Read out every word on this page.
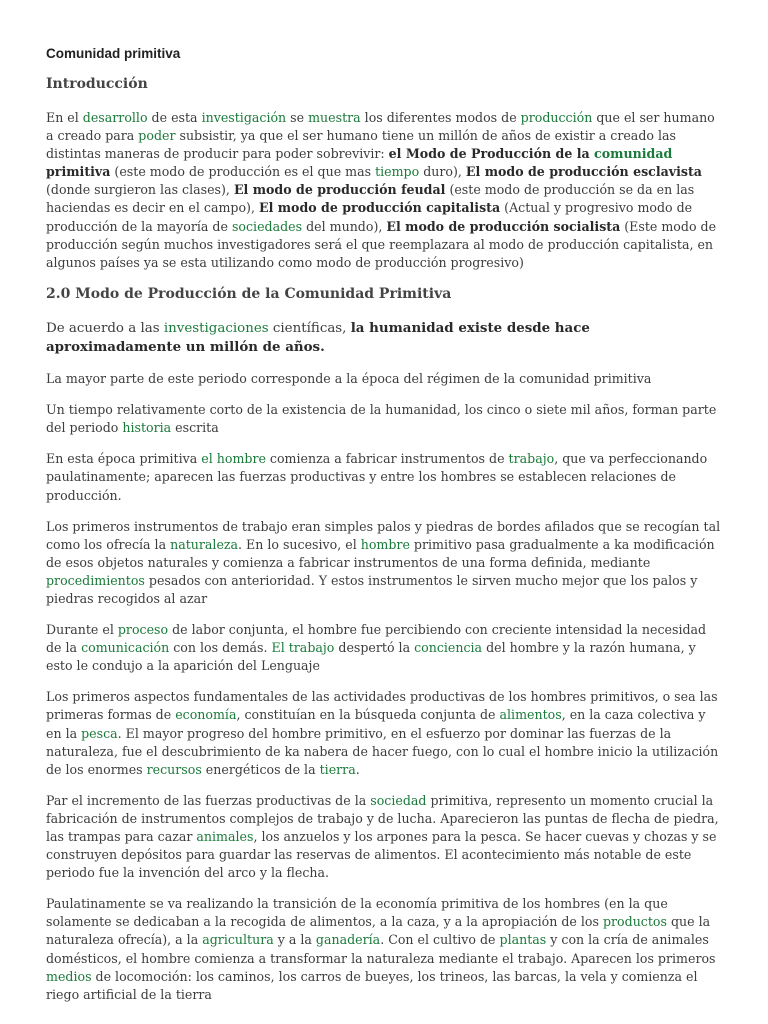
Comunidad primitiva
Introducción

En el desarrollo de esta investigación se muestra los diferentes modos de producción que el ser humano a creado para poder subsistir, ya que el ser humano tiene un millón de años de existir a creado las distintas maneras de producir para poder sobrevivir: el Modo de Producción de la comunidad primitiva (este modo de producción es el que mas tiempo duro), El modo de producción esclavista (donde surgieron las clases), El modo de producción feudal (este modo de producción se da en las haciendas es decir en el campo), El modo de producción capitalista (Actual y progresivo modo de producción de la mayoría de sociedades del mundo), El modo de producción socialista (Este modo de producción según muchos investigadores será el que reemplazara al modo de producción capitalista, en algunos países ya se esta utilizando como modo de producción progresivo)

2.0 Modo de Producción de la Comunidad Primitiva

De acuerdo a las investigaciones científicas, la humanidad existe desde hace aproximadamente un millón de años.

La mayor parte de este periodo corresponde a la época del régimen de la comunidad primitiva

Un tiempo relativamente corto de la existencia de la humanidad, los cinco o siete mil años, forman parte del periodo historia escrita

En esta época primitiva el hombre comienza a fabricar instrumentos de trabajo, que va perfeccionando paulatinamente; aparecen las fuerzas productivas y entre los hombres se establecen relaciones de producción.

Los primeros instrumentos de trabajo eran simples palos y piedras de bordes afilados que se recogían tal como los ofrecía la naturaleza. En lo sucesivo, el hombre primitivo pasa gradualmente a ka modificación de esos objetos naturales y comienza a fabricar instrumentos de una forma definida, mediante procedimientos pesados con anterioridad. Y estos instrumentos le sirven mucho mejor que los palos y piedras recogidos al azar

Durante el proceso de labor conjunta, el hombre fue percibiendo con creciente intensidad la necesidad de la comunicación con los demás. El trabajo despertó la conciencia del hombre y la razón humana, y esto le condujo a la aparición del Lenguaje

Los primeros aspectos fundamentales de las actividades productivas de los hombres primitivos, o sea las primeras formas de economía, constituían en la búsqueda conjunta de alimentos, en la caza colectiva y en la pesca. El mayor progreso del hombre primitivo, en el esfuerzo por dominar las fuerzas de la naturaleza, fue el descubrimiento de ka nabera de hacer fuego, con lo cual el hombre inicio la utilización de los enormes recursos energéticos de la tierra.

Par el incremento de las fuerzas productivas de la sociedad primitiva, represento un momento crucial la fabricación de instrumentos complejos de trabajo y de lucha. Aparecieron las puntas de flecha de piedra, las trampas para cazar animales, los anzuelos y los arpones para la pesca. Se hacer cuevas y chozas y se construyen depósitos para guardar las reservas de alimentos. El acontecimiento más notable de este periodo fue la invención del arco y la flecha.

Paulatinamente se va realizando la transición de la economía primitiva de los hombres (en la que solamente se dedicaban a la recogida de alimentos, a la caza, y a la apropiación de los productos que la naturaleza ofrecía), a la agricultura y a la ganadería. Con el cultivo de plantas y con la cría de animales domésticos, el hombre comienza a transformar la naturaleza mediante el trabajo. Aparecen los primeros medios de locomoción: los caminos, los carros de bueyes, los trineos, las barcas, la vela y comienza el riego artificial de la tierra
